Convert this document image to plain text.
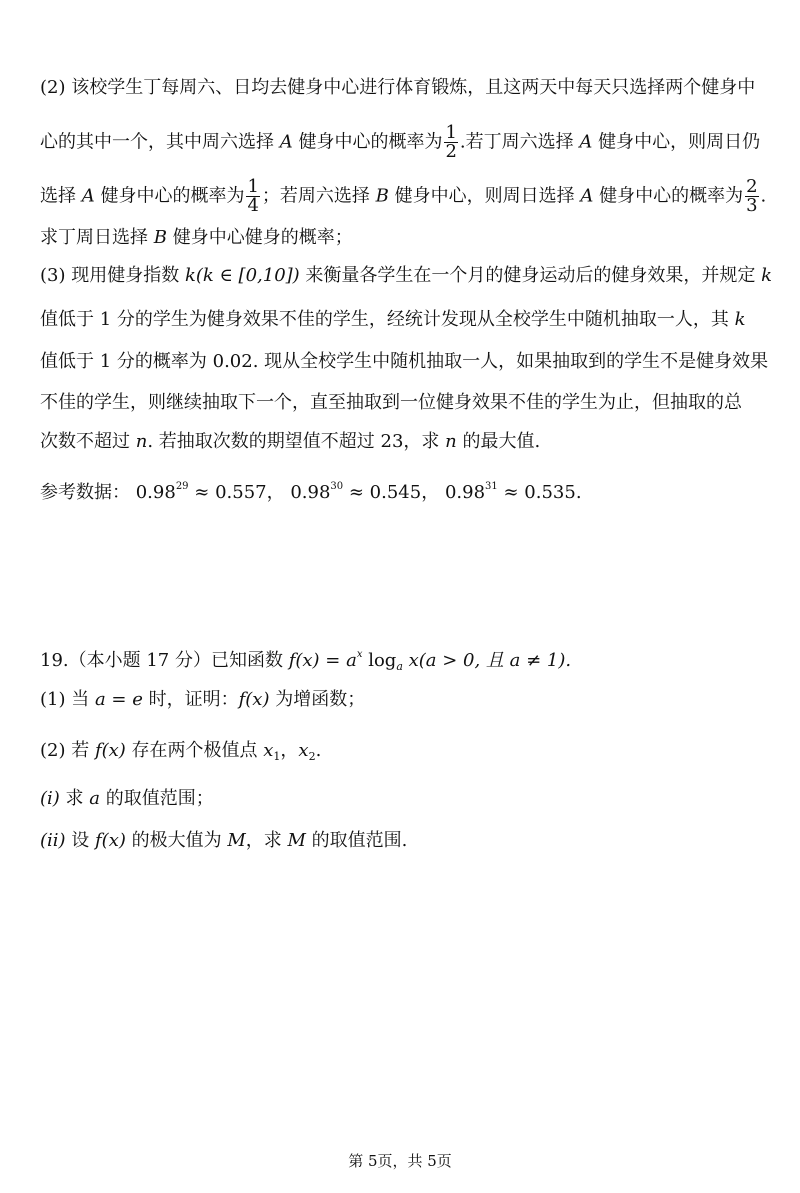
(2) 该校学生丁每周六、日均去健身中心进行体育锻炼，且这两天中每天只选择两个健身中
心的其中一个，其中周六选择 A 健身中心的概率为 $\frac{1}{2}$ .若丁周六选择 A 健身中心，则周日仍
选择 A 健身中心的概率为 $\frac{1}{4}$ ；若周六选择 B 健身中心，则周日选择 A 健身中心的概率为 $\frac{2}{3}$ .
求丁周日选择 B 健身中心健身的概率；
(3) 现用健身指数 k(k ∈ [0,10]) 来衡量各学生在一个月的健身运动后的健身效果，并规定 k
值低于 1 分的学生为健身效果不佳的学生，经统计发现从全校学生中随机抽取一人，其 k
值低于 1 分的概率为 0.02. 现从全校学生中随机抽取一人，如果抽取到的学生不是健身效果
不佳的学生，则继续抽取下一个，直至抽取到一位健身效果不佳的学生为止，但抽取的总
次数不超过 n. 若抽取次数的期望值不超过 23，求 n 的最大值.
参考数据： $0.98^{29} \approx 0.557$， $0.98^{30} \approx 0.545$， $0.98^{31} \approx 0.535$.
19.（本小题 17 分）已知函数 $f(x) = a^x$ $\log_a x(a > 0$, 且 a ≠ 1).
(1) 当 a = e 时，证明：f(x) 为增函数；
(2) 若 f(x) 存在两个极值点 $x_1$，$x_2$.
(i) 求 a 的取值范围；
(ii) 设 f(x) 的极大值为 M，求 M 的取值范围.
第 5页，共 5页
